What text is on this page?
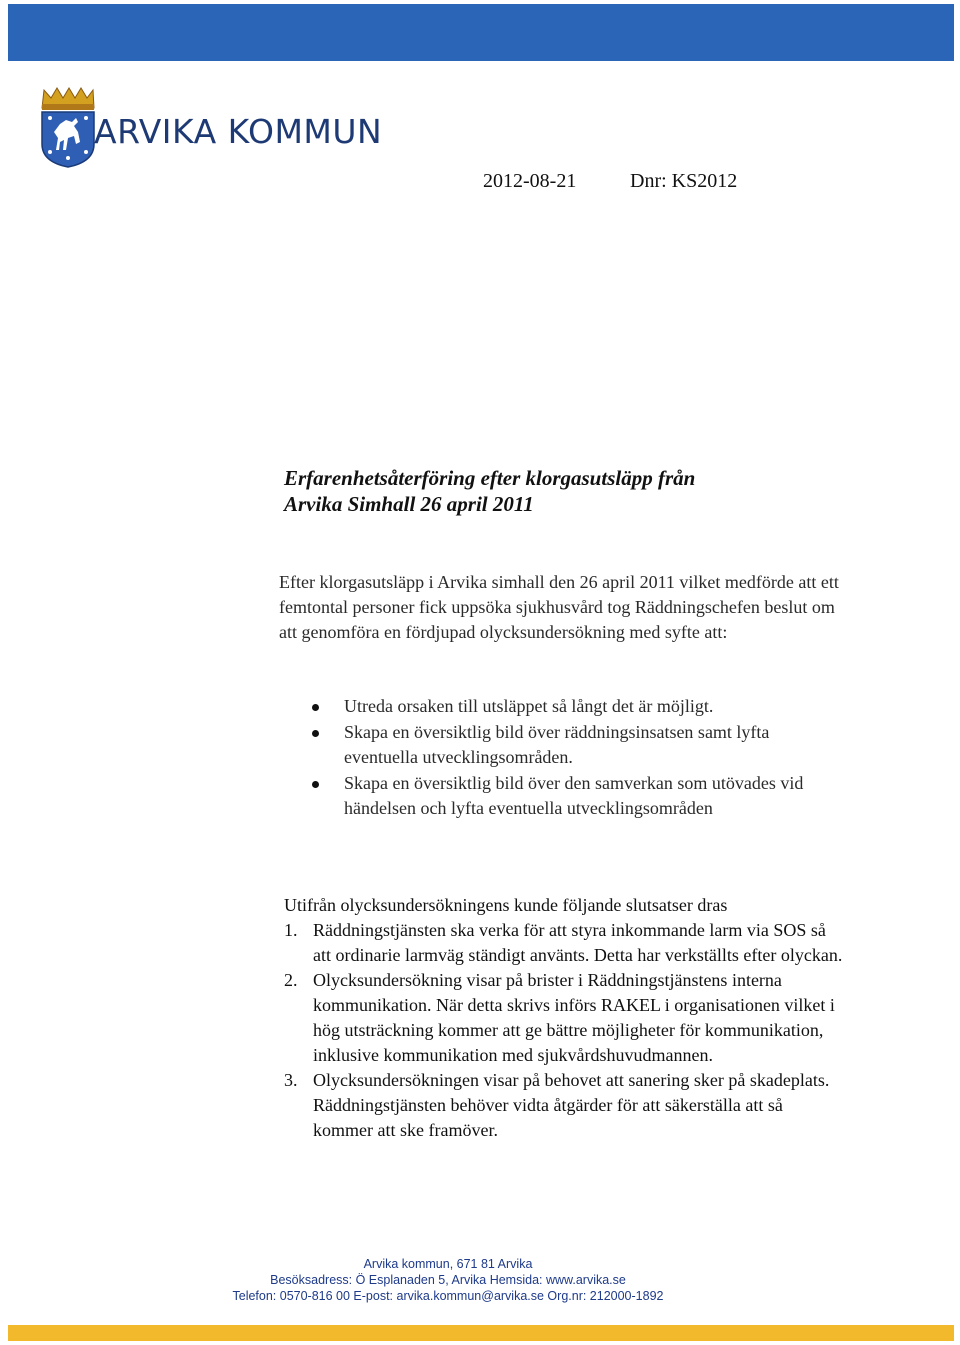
ARVIKA KOMMUN
2012-08-21	Dnr: KS2012
Erfarenhetsåterföring efter klorgasutsläpp från
Arvika Simhall 26 april 2011
Efter klorgasutsläpp i Arvika simhall den 26 april 2011 vilket medförde att ett femtontal personer fick uppsöka sjukhusvård tog Räddningschefen beslut om att genomföra en fördjupad olycksundersökning med syfte att:
Utreda orsaken till utsläppet så långt det är möjligt.
Skapa en översiktlig bild över räddningsinsatsen samt lyfta eventuella utvecklingsområden.
Skapa en översiktlig bild över den samverkan som utövades vid händelsen och lyfta eventuella utvecklingsområden
Utifrån olycksundersökningens kunde följande slutsatser dras
1. Räddningstjänsten ska verka för att styra inkommande larm via SOS så att ordinarie larmväg ständigt använts. Detta har verkställts efter olyckan.
2. Olycksundersökning visar på brister i Räddningstjänstens interna kommunikation. När detta skrivs införs RAKEL i organisationen vilket i hög utsträckning kommer att ge bättre möjligheter för kommunikation, inklusive kommunikation med sjukvårdshuvudmannen.
3. Olycksundersökningen visar på behovet att sanering sker på skadeplats. Räddningstjänsten behöver vidta åtgärder för att säkerställa att så kommer att ske framöver.
Arvika kommun, 671 81 Arvika
Besöksadress: Ö Esplanaden 5, Arvika Hemsida: www.arvika.se
Telefon: 0570-816 00 E-post: arvika.kommun@arvika.se Org.nr: 212000-1892
